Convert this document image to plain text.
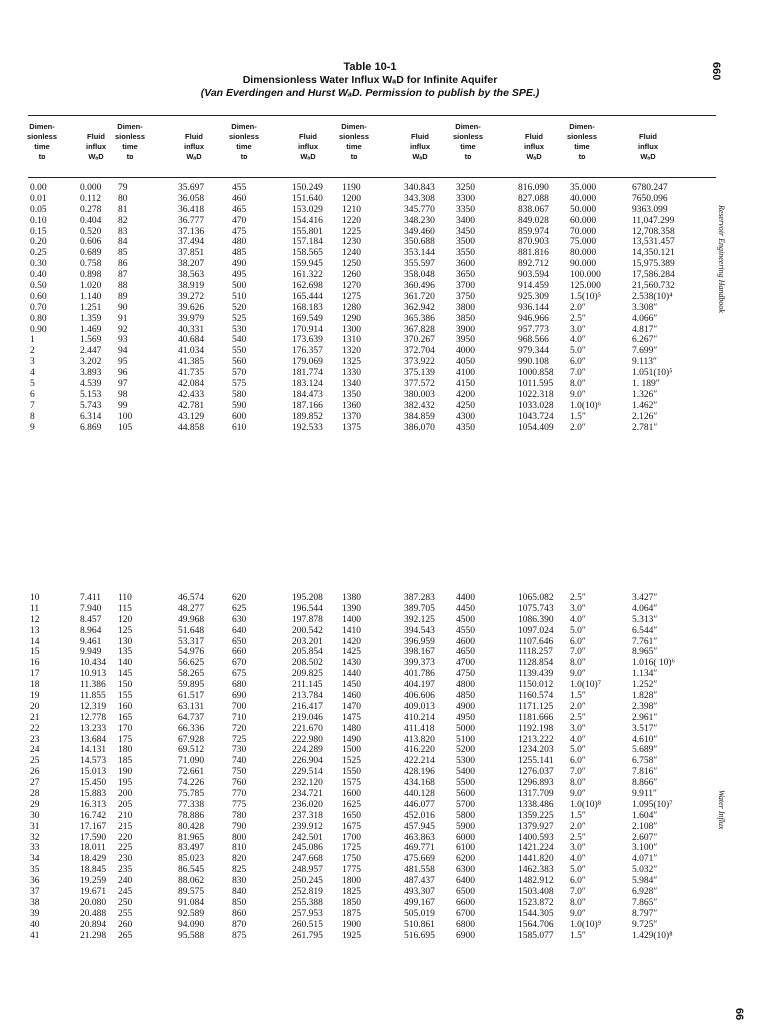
Table 10-1
Dimensionless Water Influx WₐD for Infinite Aquifer
(Van Everdingen and Hurst WₐD. Permission to publish by the SPE.)
660
Reservoir Engineering Handbook
Water Influx
66
Dimen-
sionless
time
tᴅ
Fluid
influx
WₐD
Dimen-
sionless
time
tᴅ
Fluid
influx
WₐD
Dimen-
sionless
time
tᴅ
Fluid
influx
WₐD
Dimen-
sionless
time
tᴅ
Fluid
influx
WₐD
Dimen-
sionless
time
tᴅ
Fluid
influx
WₐD
Dimen-
sionless
time
tᴅ
Fluid
influx
WₐD
0.00
0.01
0.05
0.10
0.15
0.20
0.25
0.30
0.40
0.50
0.60
0.70
0.80
0.90
1
2
3
4
5
6
7
8
9
0.000
0.112
0.278
0.404
0.520
0.606
0.689
0.758
0.898
1.020
1.140
1.251
1.359
1.469
1.569
2.447
3.202
3.893
4.539
5.153
5.743
6.314
6.869
79
80
81
82
83
84
85
86
87
88
89
90
91
92
93
94
95
96
97
98
99
100
105
35.697
36.058
36.418
36.777
37.136
37.494
37.851
38.207
38.563
38.919
39.272
39.626
39.979
40.331
40.684
41.034
41.385
41.735
42.084
42.433
42.781
43.129
44.858
455
460
465
470
475
480
485
490
495
500
510
520
525
530
540
550
560
570
575
580
590
600
610
150.249
151.640
153.029
154.416
155.801
157.184
158.565
159.945
161.322
162.698
165.444
168.183
169.549
170.914
173.639
176.357
179.069
181.774
183.124
184.473
187.166
189.852
192.533
1190
1200
1210
1220
1225
1230
1240
1250
1260
1270
1275
1280
1290
1300
1310
1320
1325
1330
1340
1350
1360
1370
1375
340.843
343.308
345.770
348.230
349.460
350.688
353.144
355.597
358.048
360.496
361.720
362.942
365.386
367.828
370.267
372.704
373.922
375.139
377.572
380.003
382.432
384.859
386.070
3250
3300
3350
3400
3450
3500
3550
3600
3650
3700
3750
3800
3850
3900
3950
4000
4050
4100
4150
4200
4250
4300
4350
816.090
827.088
838.067
849.028
859.974
870.903
881.816
892.712
903.594
914.459
925.309
936.144
946.966
957.773
968.566
979.344
990.108
1000.858
1011.595
1022.318
1033.028
1043.724
1054.409
35.000
40.000
50.000
60.000
70.000
75.000
80.000
90.000
100.000
125.000
1.5(10)⁵
2.0″
2.5″
3.0″
4.0″
5.0″
6.0″
7.0″
8.0″
9.0″
1.0(10)⁶
1.5″
2.0″
6780.247
7650.096
9363.099
11,047.299
12,708.358
13,531.457
14,350.121
15,975.389
17,586.284
21,560.732
2.538(10)⁴
3.308″
4.066″
4.817″
6.267″
7.699″
9.113″
1.051(10)⁵
1. 189″
1.326″
1.462″
2.126″
2.781″
10
11
12
13
14
15
16
17
18
19
20
21
22
23
24
25
26
27
28
29
30
31
32
33
34
35
36
37
38
39
40
41
7.411
7.940
8.457
8.964
9.461
9.949
10.434
10.913
11.386
11.855
12.319
12.778
13.233
13.684
14.131
14.573
15.013
15.450
15.883
16.313
16.742
17.167
17.590
18.011
18.429
18.845
19.259
19.671
20.080
20.488
20.894
21.298
110
115
120
125
130
135
140
145
150
155
160
165
170
175
180
185
190
195
200
205
210
215
220
225
230
235
240
245
250
255
260
265
46.574
48.277
49.968
51.648
53.317
54.976
56.625
58.265
59.895
61.517
63.131
64.737
66.336
67.928
69.512
71.090
72.661
74.226
75.785
77.338
78.886
80.428
81.965
83.497
85.023
86.545
88.062
89.575
91.084
92.589
94.090
95.588
620
625
630
640
650
660
670
675
680
690
700
710
720
725
730
740
750
760
770
775
780
790
800
810
820
825
830
840
850
860
870
875
195.208
196.544
197.878
200.542
203.201
205.854
208.502
209.825
211.145
213.784
216.417
219.046
221.670
222.980
224.289
226.904
229.514
232.120
234.721
236.020
237.318
239.912
242.501
245.086
247.668
248.957
250.245
252.819
255.388
257.953
260.515
261.795
1380
1390
1400
1410
1420
1425
1430
1440
1450
1460
1470
1475
1480
1490
1500
1525
1550
1575
1600
1625
1650
1675
1700
1725
1750
1775
1800
1825
1850
1875
1900
1925
387.283
389.705
392.125
394.543
396.959
398.167
399.373
401.786
404.197
406.606
409.013
410.214
411.418
413.820
416.220
422.214
428.196
434.168
440.128
446.077
452.016
457.945
463.863
469.771
475.669
481.558
487.437
493.307
499.167
505.019
510.861
516.695
4400
4450
4500
4550
4600
4650
4700
4750
4800
4850
4900
4950
5000
5100
5200
5300
5400
5500
5600
5700
5800
5900
6000
6100
6200
6300
6400
6500
6600
6700
6800
6900
1065.082
1075.743
1086.390
1097.024
1107.646
1118.257
1128.854
1139.439
1150.012
1160.574
1171.125
1181.666
1192.198
1213.222
1234.203
1255.141
1276.037
1296.893
1317.709
1338.486
1359.225
1379.927
1400.593
1421.224
1441.820
1462.383
1482.912
1503.408
1523.872
1544.305
1564.706
1585.077
2.5″
3.0″
4.0″
5.0″
6.0″
7.0″
8.0″
9.0″
1.0(10)⁷
1.5″
2.0″
2.5″
3.0″
4.0″
5.0″
6.0″
7.0″
8.0″
9.0″
1.0(10)⁸
1.5″
2.0″
2.5″
3.0″
4.0″
5.0″
6.0″
7.0″
8.0″
9.0″
1.0(10)⁹
1.5″
3.427″
4.064″
5.313″
6.544″
7.761″
8.965″
1.016( 10)⁶
1.134″
1.252″
1.828″
2.398″
2.961″
3.517″
4.610″
5.689″
6.758″
7.816″
8.866″
9.911″
1.095(10)⁷
1.604″
2.108″
2.607″
3.100″
4.071″
5.032″
5.984″
6.928″
7.865″
8.797″
9.725″
1.429(10)⁸
